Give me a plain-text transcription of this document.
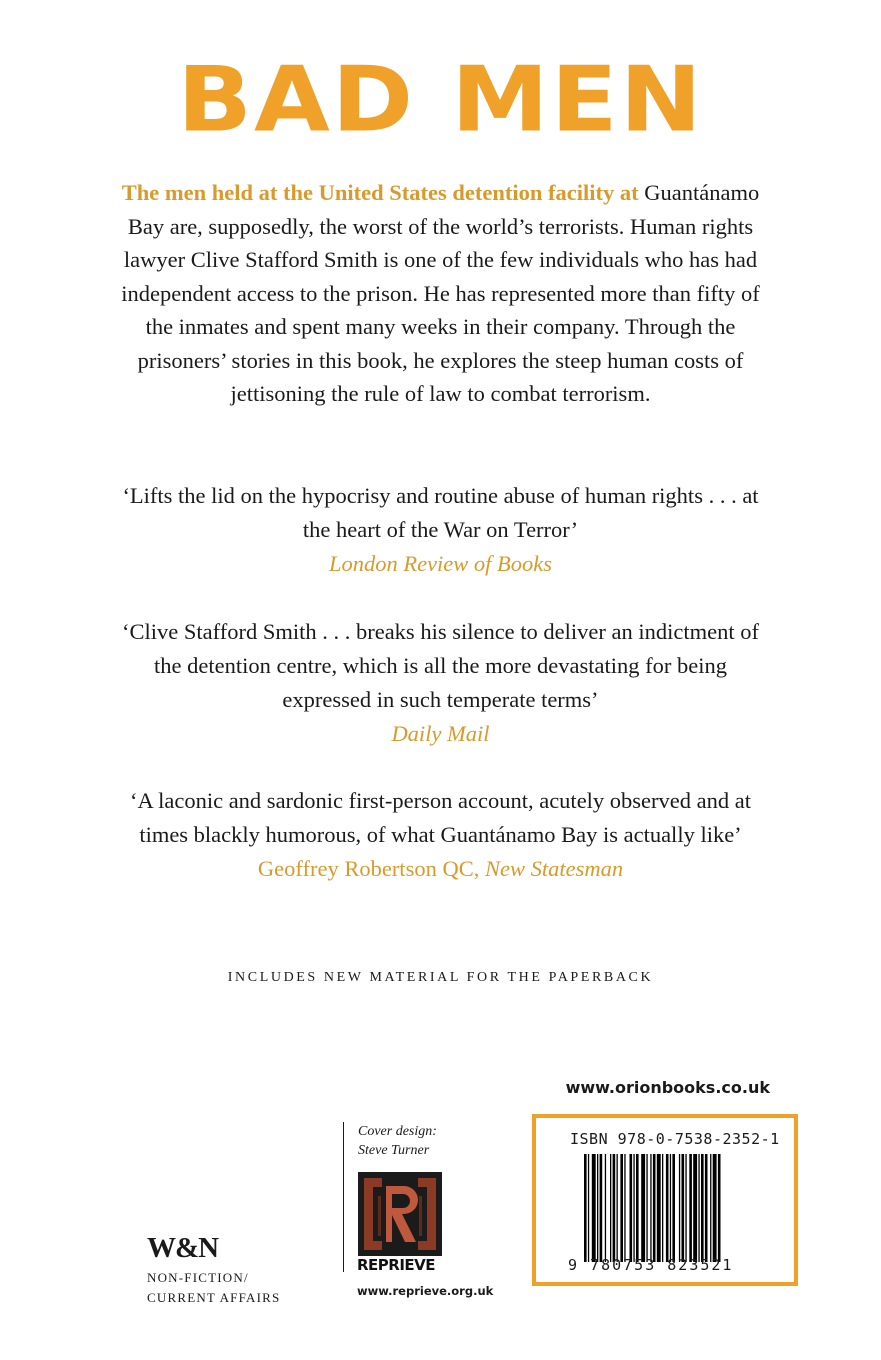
BAD MEN
The men held at the United States detention facility at Guantánamo Bay are, supposedly, the worst of the world’s terrorists. Human rights lawyer Clive Stafford Smith is one of the few individuals who has had independent access to the prison. He has represented more than fifty of the inmates and spent many weeks in their company. Through the prisoners’ stories in this book, he explores the steep human costs of jettisoning the rule of law to combat terrorism.
‘Lifts the lid on the hypocrisy and routine abuse of human rights . . . at the heart of the War on Terror’
London Review of Books
‘Clive Stafford Smith . . . breaks his silence to deliver an indictment of the detention centre, which is all the more devastating for being expressed in such temperate terms’
Daily Mail
‘A laconic and sardonic first-person account, acutely observed and at times blackly humorous, of what Guantánamo Bay is actually like’
Geoffrey Robertson QC, New Statesman
INCLUDES NEW MATERIAL FOR THE PAPERBACK
www.orionbooks.co.uk
ISBN 978-0-7538-2352-1
9 780753 823521
Cover design:
Steve Turner
REPRIEVE
www.reprieve.org.uk
W&N
NON-FICTION/
CURRENT AFFAIRS
